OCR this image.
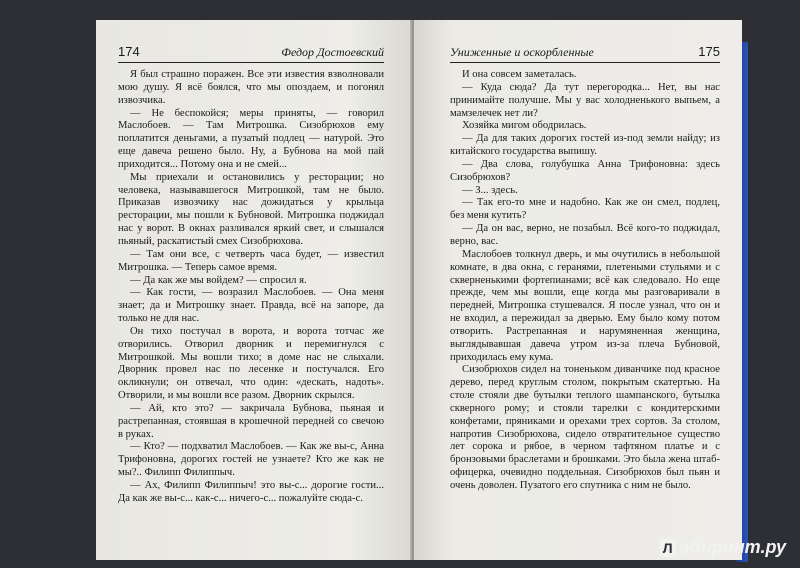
174	Федор Достоевский

Я был страшно поражен. Все эти известия взволновали мою душу. Я всё боялся, что мы опоздаем, и погонял извозчика.

— Не беспокойся; меры приняты, — говорил Маслобоев. — Там Митрошка. Сизобрюхов ему поплатится деньгами, а пузатый подлец — натурой. Это еще давеча решено было. Ну, а Бубнова на мой пай приходится... Потому она и не смей...

Мы приехали и остановились у ресторации; но человека, называвшегося Митрошкой, там не было. Приказав извозчику нас дожидаться у крыльца ресторации, мы пошли к Бубновой. Митрошка поджидал нас у ворот. В окнах разливался яркий свет, и слышался пьяный, раскатистый смех Сизобрюхова.

— Там они все, с четверть часа будет, — известил Митрошка. — Теперь самое время.

— Да как же мы войдем? — спросил я.

— Как гости, — возразил Маслобоев. — Она меня знает; да и Митрошку знает. Правда, всё на запоре, да только не для нас.

Он тихо постучал в ворота, и ворота тотчас же отворились. Отворил дворник и перемигнулся с Митрошкой. Мы вошли тихо; в доме нас не слыхали. Дворник провел нас по лесенке и постучался. Его окликнули; он отвечал, что один: «дескать, надоть». Отворили, и мы вошли все разом. Дворник скрылся.

— Ай, кто это? — закричала Бубнова, пьяная и растрепанная, стоявшая в крошечной передней со свечою в руках.

— Кто? — подхватил Маслобоев. — Как же вы-с, Анна Трифоновна, дорогих гостей не узнаете? Кто же как не мы?.. Филипп Филиппыч.

— Ах, Филипп Филиппыч! это вы-с... дорогие гости... Да как же вы-с... как-с... ничего-с... пожалуйте сюда-с.

Униженные и оскорбленные	175

И она совсем заметалась.

— Куда сюда? Да тут перегородка... Нет, вы нас принимайте получше. Мы у вас холодненького выпьем, а мамзелечек нет ли?

Хозяйка мигом ободрилась.

— Да для таких дорогих гостей из-под земли найду; из китайского государства выпишу.

— Два слова, голубушка Анна Трифоновна: здесь Сизобрюхов?

— З... здесь.

— Так его-то мне и надобно. Как же он смел, подлец, без меня кутить?

— Да он вас, верно, не позабыл. Всё кого-то поджидал, верно, вас.

Маслобоев толкнул дверь, и мы очутились в небольшой комнате, в два окна, с геранями, плетеными стульями и с скверненькими фортепианами; всё как следовало. Но еще прежде, чем мы вошли, еще когда мы разговаривали в передней, Митрошка стушевался. Я после узнал, что он и не входил, а пережидал за дверью. Ему было кому потом отворить. Растрепанная и нарумяненная женщина, выглядывавшая давеча утром из-за плеча Бубновой, приходилась ему кума.

Сизобрюхов сидел на тоненьком диванчике под красное дерево, перед круглым столом, покрытым скатертью. На столе стояли две бутылки теплого шампанского, бутылка скверного рому; и стояли тарелки с кондитерскими конфетами, пряниками и орехами трех сортов. За столом, напротив Сизобрюхова, сидело отвратительное существо лет сорока и рябое, в черном тафтяном платье и с бронзовыми браслетами и брошками. Это была жена штаб-офицерка, очевидно поддельная. Сизобрюхов был пьян и очень доволен. Пузатого его спутника с ним не было.

Л абиринт.ру
